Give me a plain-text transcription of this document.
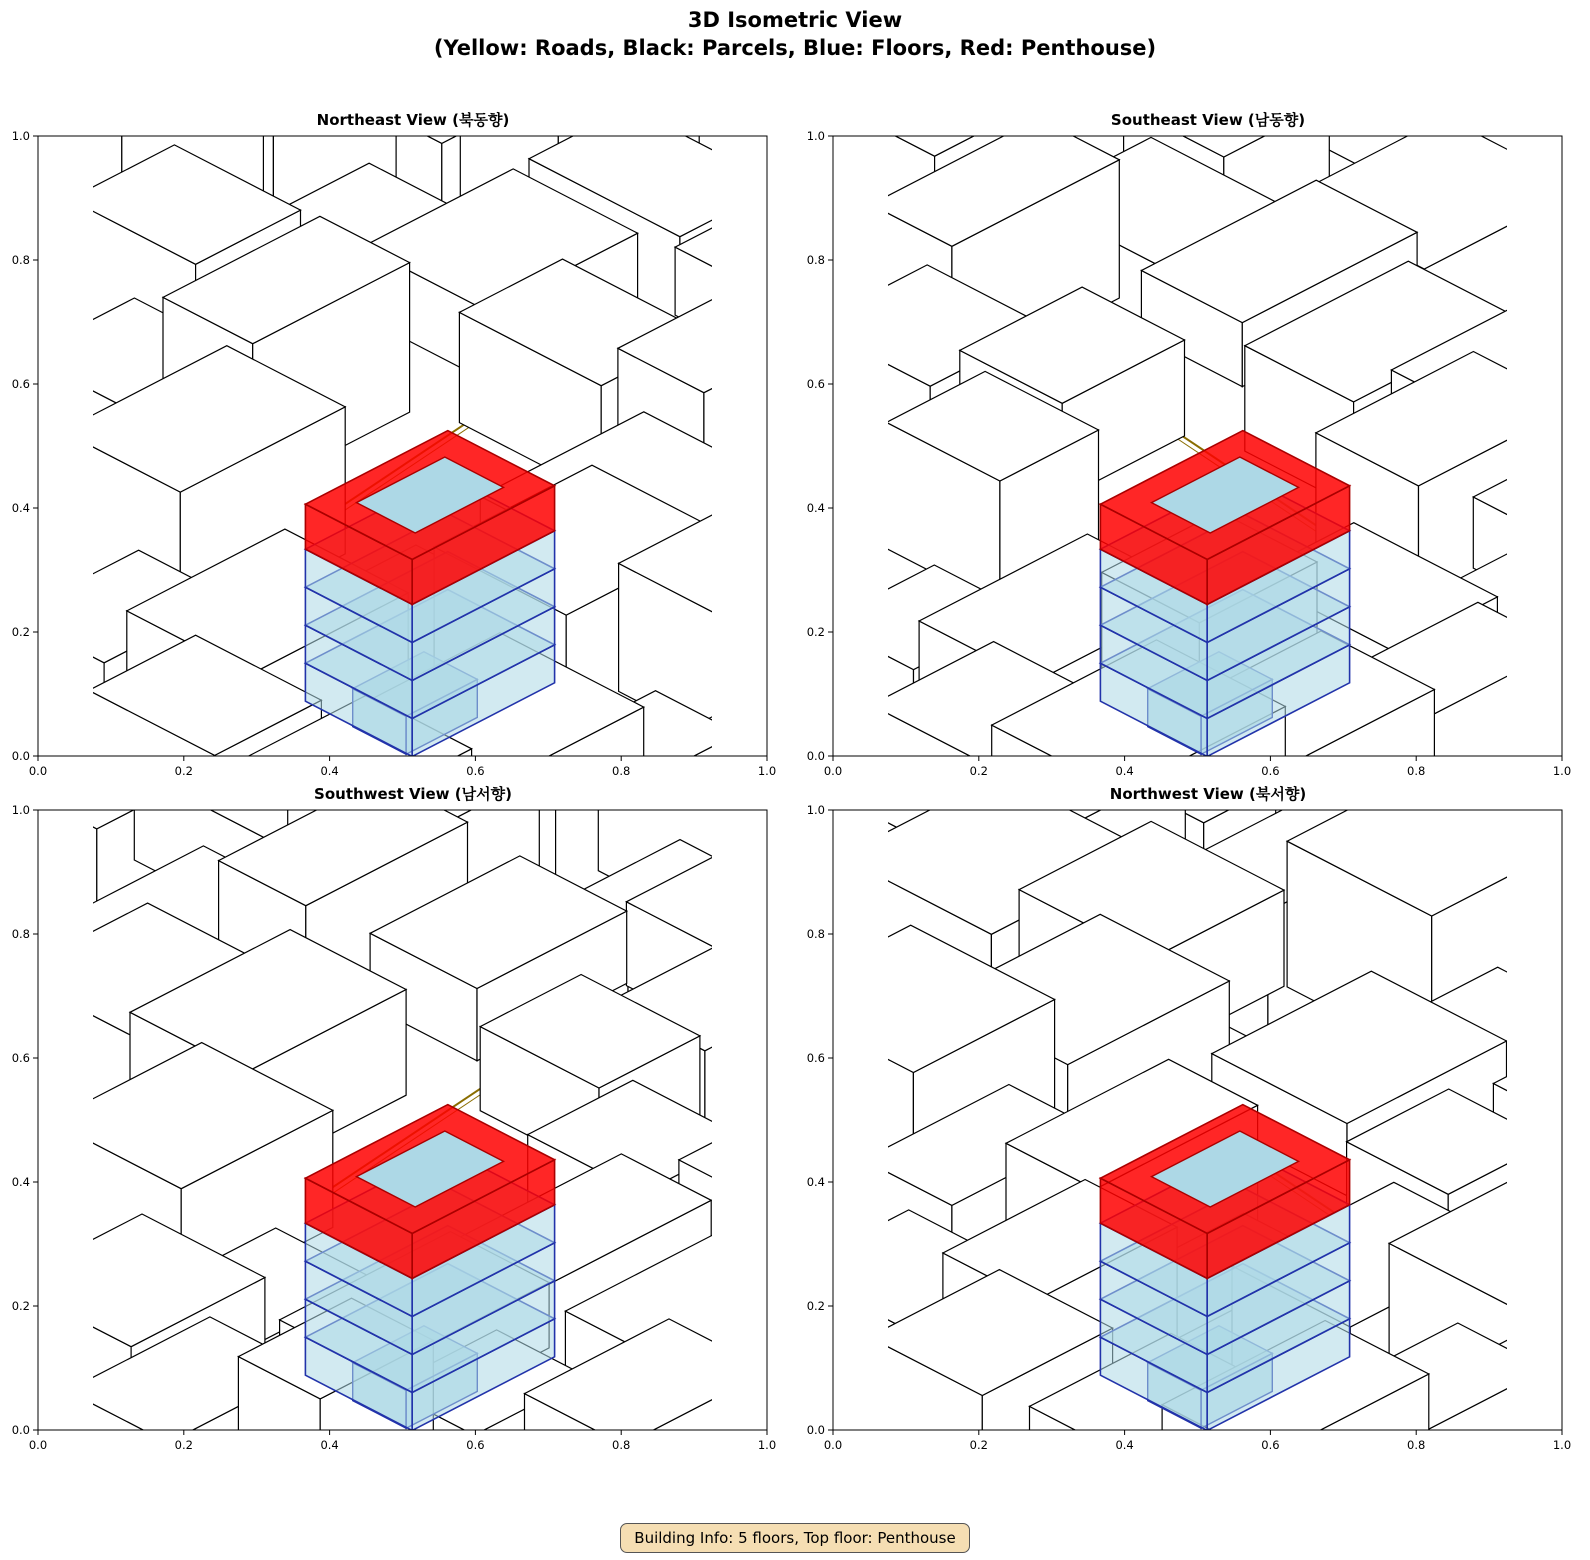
3D Isometric View
(Yellow: Roads, Black: Parcels, Blue: Floors, Red: Penthouse)
Northeast View (북동향)
0.0
0.0
0.2
0.2
0.4
0.4
0.6
0.6
0.8
0.8
1.0
1.0
Southeast View (남동향)
0.0
0.0
0.2
0.2
0.4
0.4
0.6
0.6
0.8
0.8
1.0
1.0
Southwest View (남서향)
0.0
0.0
0.2
0.2
0.4
0.4
0.6
0.6
0.8
0.8
1.0
1.0
Northwest View (북서향)
0.0
0.0
0.2
0.2
0.4
0.4
0.6
0.6
0.8
0.8
1.0
1.0
Building Info: 5 floors, Top floor: Penthouse
